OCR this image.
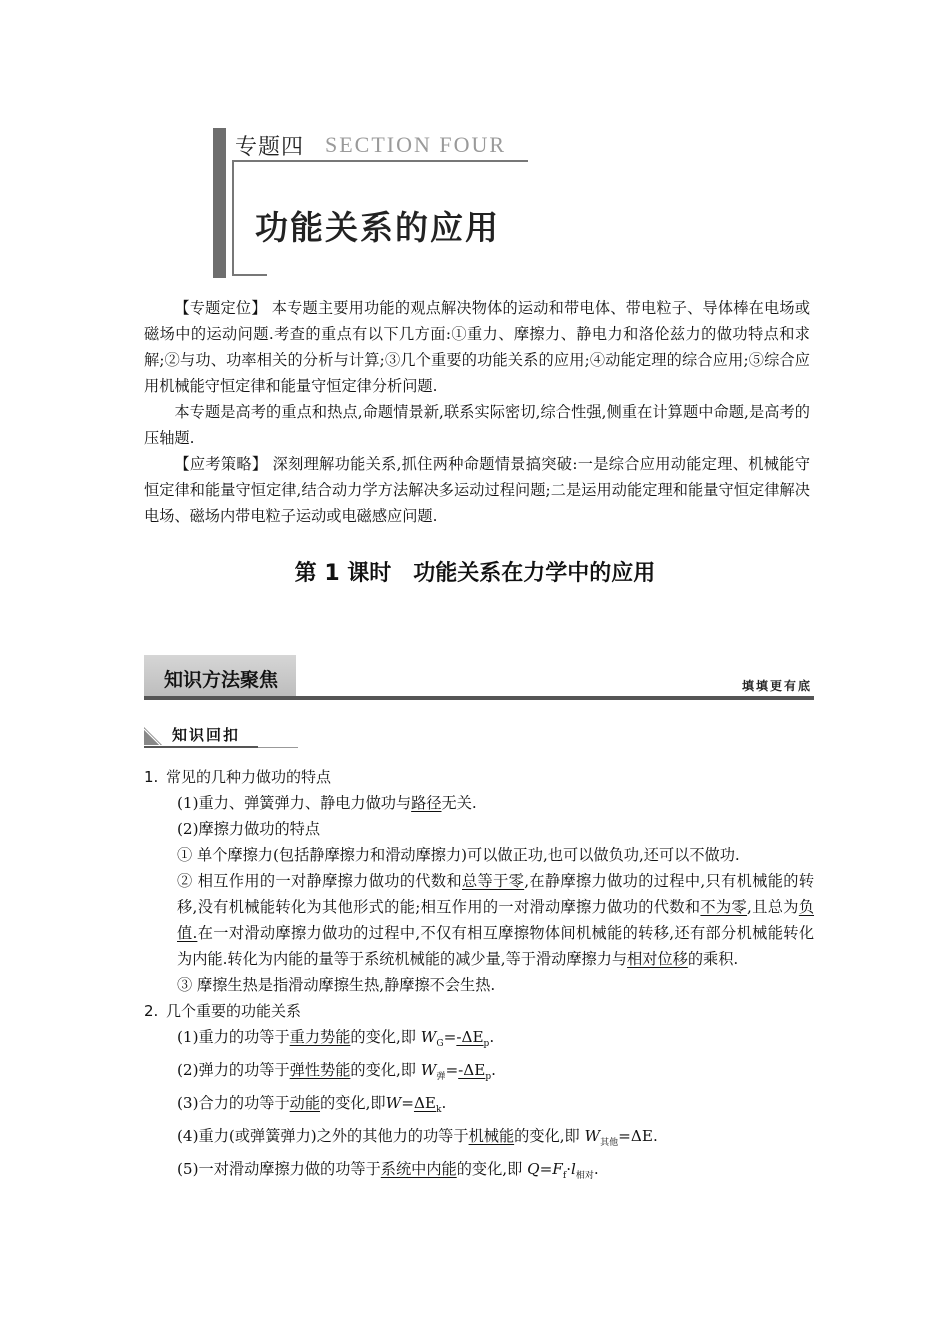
专题四 SECTION FOUR
功能关系的应用

【专题定位】 本专题主要用功能的观点解决物体的运动和带电体、带电粒子、导体棒在电场或磁场中的运动问题.考查的重点有以下几方面:①重力、摩擦力、静电力和洛伦兹力的做功特点和求解;②与功、功率相关的分析与计算;③几个重要的功能关系的应用;④动能定理的综合应用;⑤综合应用机械能守恒定律和能量守恒定律分析问题.

本专题是高考的重点和热点,命题情景新,联系实际密切,综合性强,侧重在计算题中命题,是高考的压轴题.

【应考策略】 深刻理解功能关系,抓住两种命题情景搞突破:一是综合应用动能定理、机械能守恒定律和能量守恒定律,结合动力学方法解决多运动过程问题;二是运用动能定理和能量守恒定律解决电场、磁场内带电粒子运动或电磁感应问题.

第 1 课时　功能关系在力学中的应用
知识方法聚焦	填填更有底
知识回扣

1. 常见的几种力做功的特点

(1)重力、弹簧弹力、静电力做功与路径无关.

(2)摩擦力做功的特点

① 单个摩擦力(包括静摩擦力和滑动摩擦力)可以做正功,也可以做负功,还可以不做功.

② 相互作用的一对静摩擦力做功的代数和总等于零,在静摩擦力做功的过程中,只有机械能的转移,没有机械能转化为其他形式的能;相互作用的一对滑动摩擦力做功的代数和不为零,且总为负值.在一对滑动摩擦力做功的过程中,不仅有相互摩擦物体间机械能的转移,还有部分机械能转化为内能.转化为内能的量等于系统机械能的减少量,等于滑动摩擦力与相对位移的乘积.

③ 摩擦生热是指滑动摩擦生热,静摩擦不会生热.

2. 几个重要的功能关系

(1)重力的功等于重力势能的变化,即 $W_G=-\Delta E_p$.

(2)弹力的功等于弹性势能的变化,即 $W_弹=-\Delta E_p$.

(3)合力的功等于动能的变化,即$W=\Delta E_k$.

(4)重力(或弹簧弹力)之外的其他力的功等于机械能的变化,即 $W_{其他}=\Delta E$.

(5)一对滑动摩擦力做的功等于系统中内能的变化,即 $Q=F_f\cdot l_{相对}$.
